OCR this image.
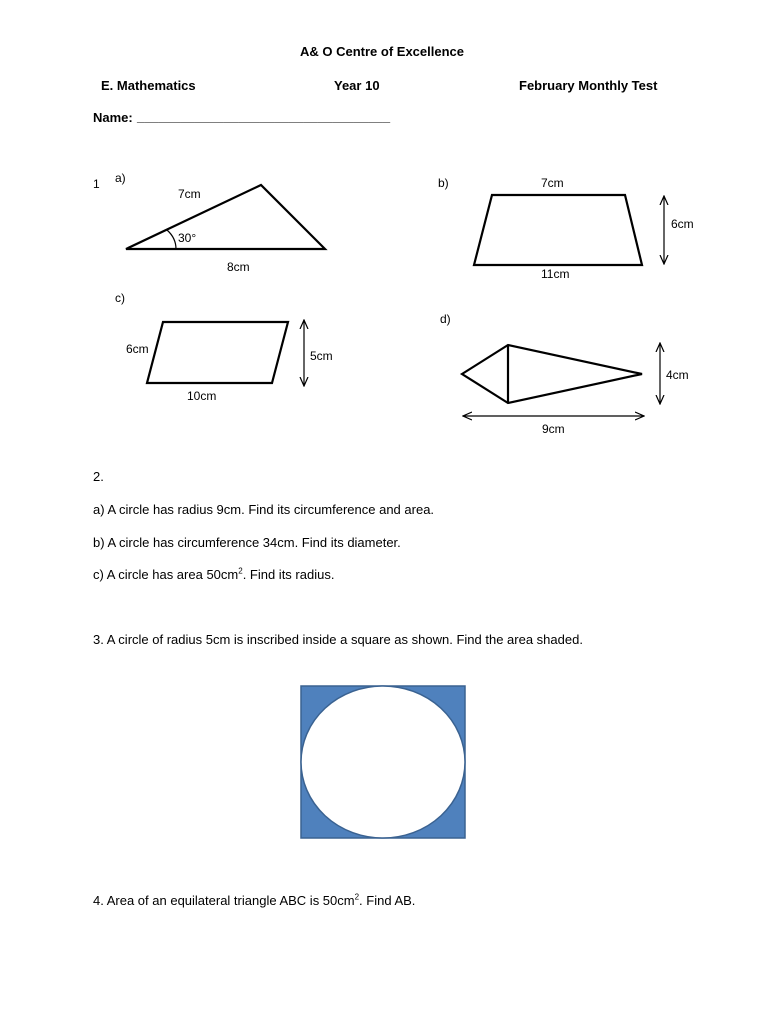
A& O Centre of Excellence
E. Mathematics	Year 10	February Monthly Test
Name: ___________________________________
1 a)
7cm
30°
8cm
b)	7cm
6cm
11cm
c)
6cm	5cm
10cm
d)
4cm
9cm
2.
a) A circle has radius 9cm. Find its circumference and area.
b) A circle has circumference 34cm. Find its diameter.
c) A circle has area $50cm^2$. Find its radius.
3. A circle of radius 5cm is inscribed inside a square as shown. Find the area shaded.
4. Area of an equilateral triangle ABC is $50cm^2$. Find AB.
